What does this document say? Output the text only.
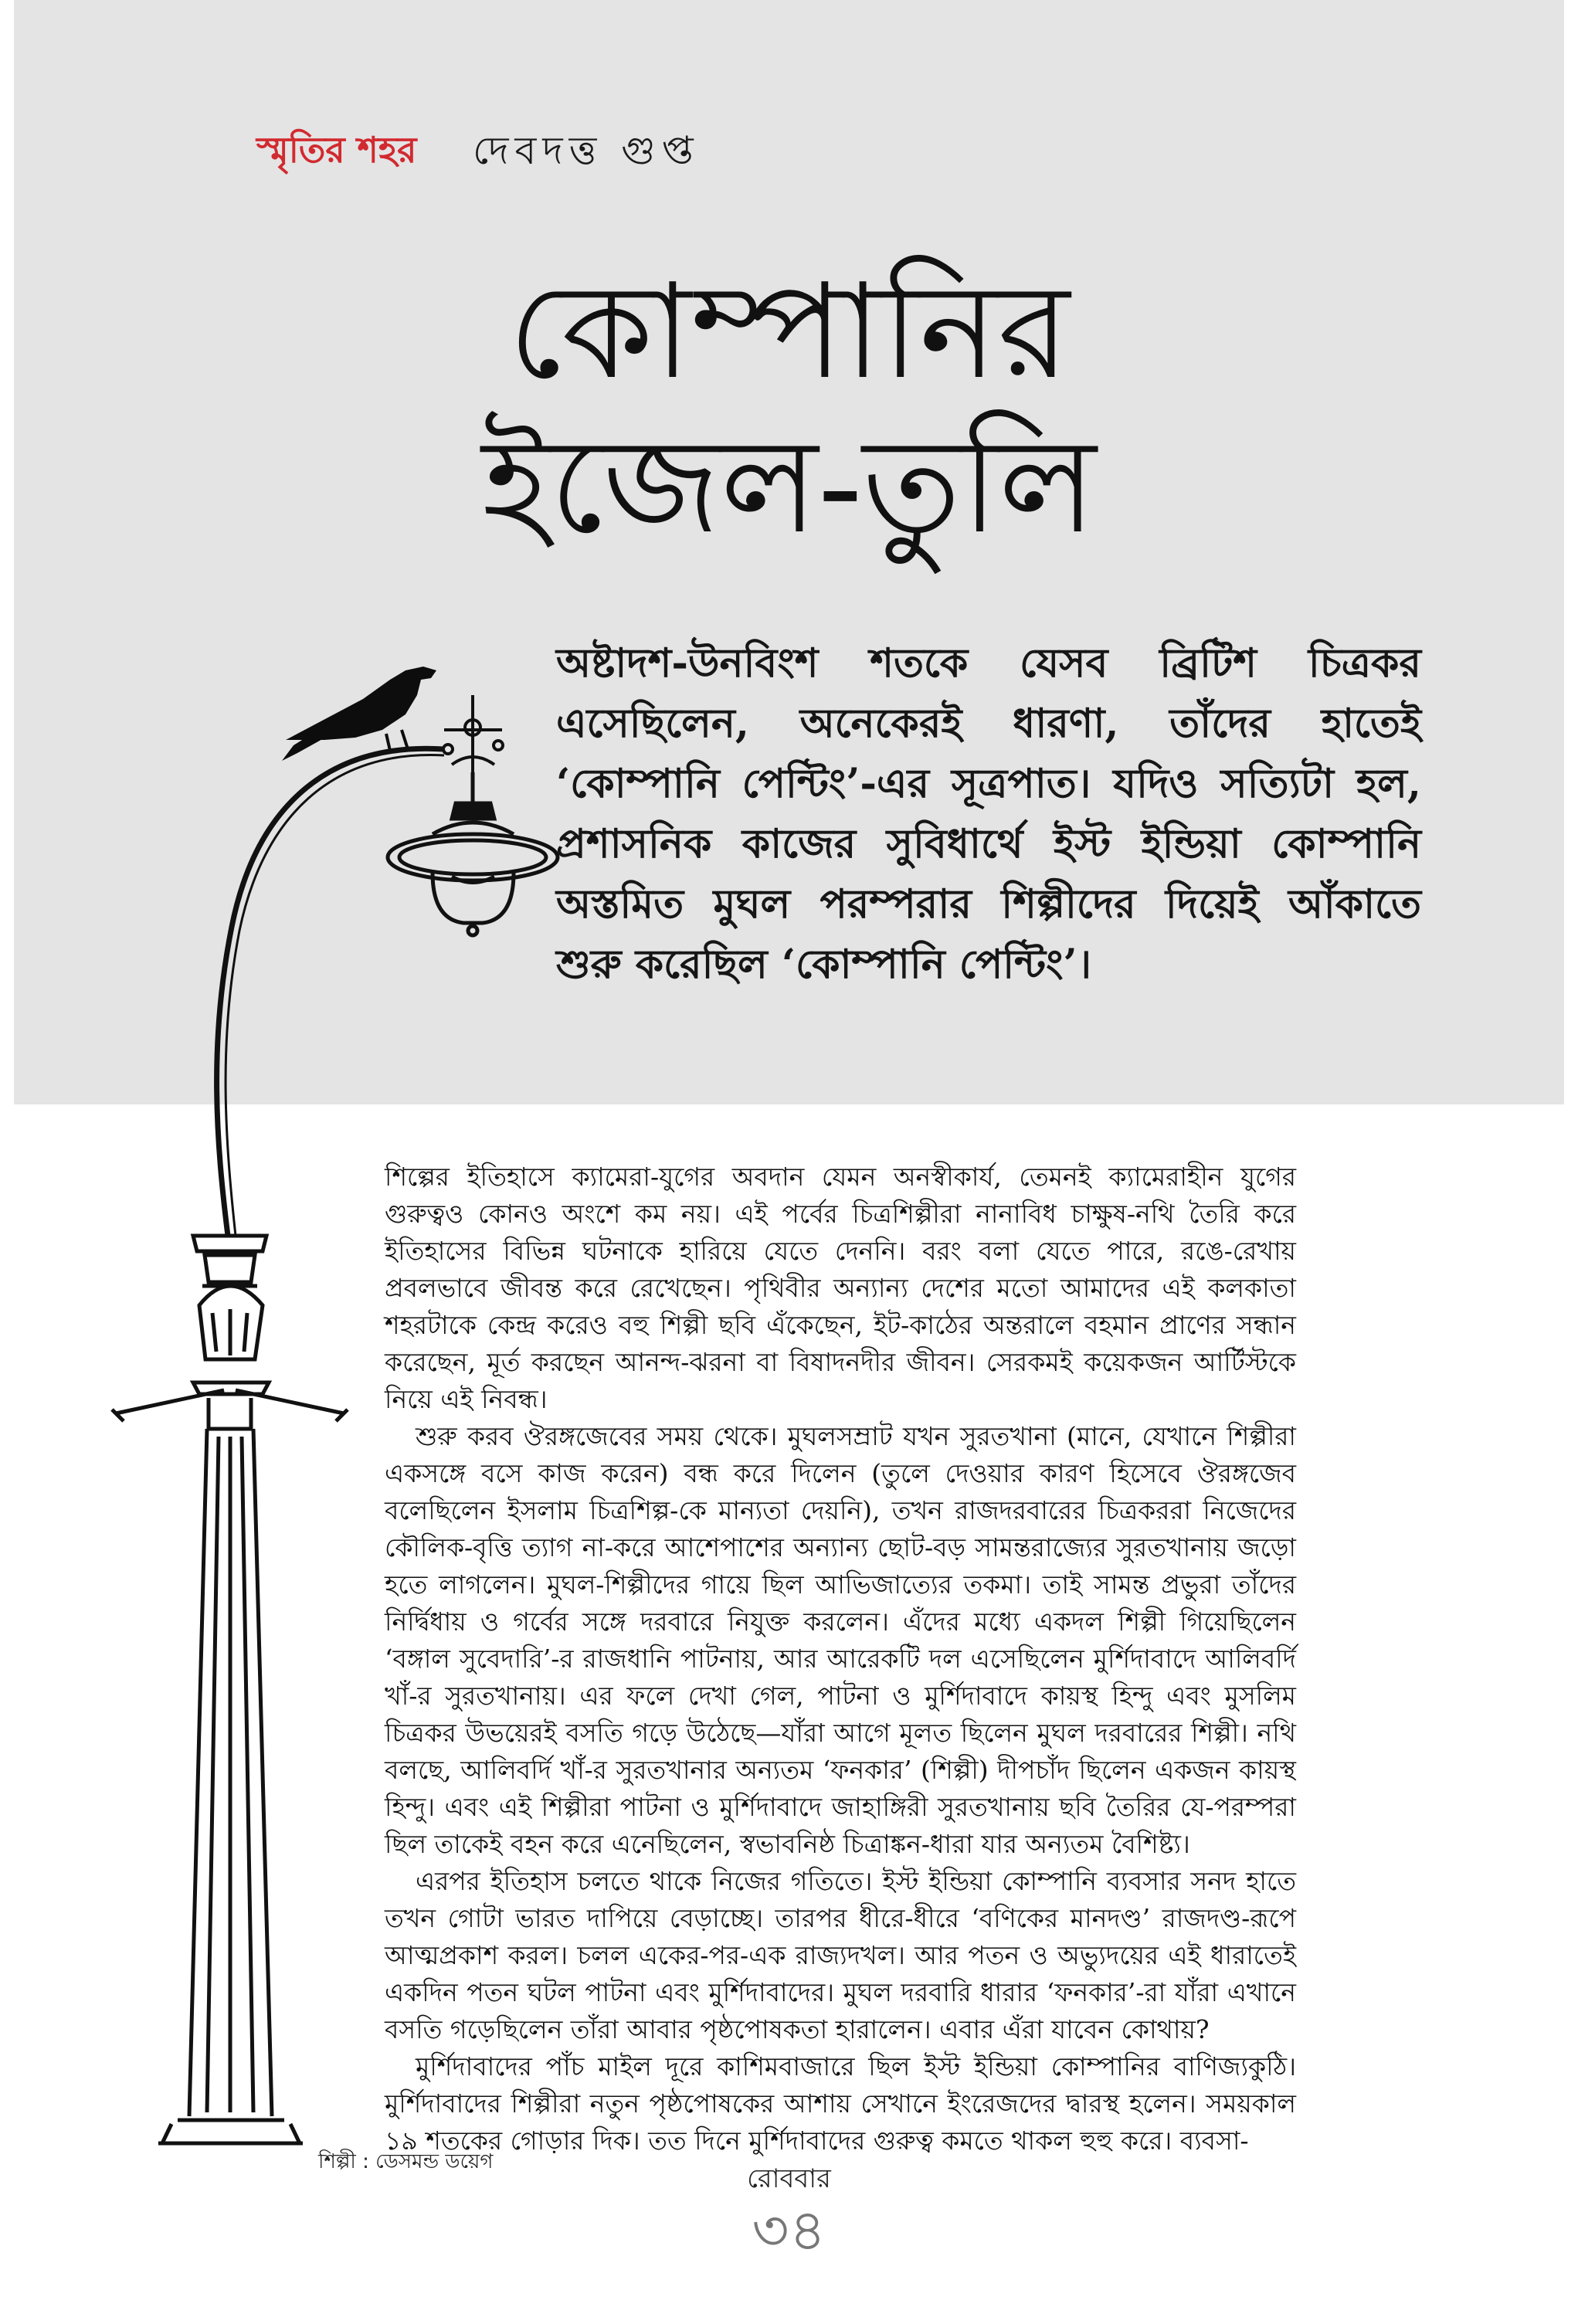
স্মৃতির শহর দেবদত্ত গুপ্ত
কোম্পানির
ইজেল-তুলি
অষ্টাদশ-উনবিংশ শতকে যেসব ব্রিটিশ চিত্রকর এসেছিলেন, অনেকেরই ধারণা, তাঁদের হাতেই ‘কোম্পানি পেন্টিং’-এর সূত্রপাত। যদিও সত্যিটা হল, প্রশাসনিক কাজের সুবিধার্থে ইস্ট ইন্ডিয়া কোম্পানি অস্তমিত মুঘল পরম্পরার শিল্পীদের দিয়েই আঁকাতে শুরু করেছিল ‘কোম্পানি পেন্টিং’।

শিল্পের ইতিহাসে ক্যামেরা-যুগের অবদান যেমন অনস্বীকার্য, তেমনই ক্যামেরাহীন যুগের গুরুত্বও কোনও অংশে কম নয়। এই পর্বের চিত্রশিল্পীরা নানাবিধ চাক্ষুষ-নথি তৈরি করে ইতিহাসের বিভিন্ন ঘটনাকে হারিয়ে যেতে দেননি। বরং বলা যেতে পারে, রঙে-রেখায় প্রবলভাবে জীবন্ত করে রেখেছেন। পৃথিবীর অন্যান্য দেশের মতো আমাদের এই কলকাতা শহরটাকে কেন্দ্র করেও বহু শিল্পী ছবি এঁকেছেন, ইট-কাঠের অন্তরালে বহমান প্রাণের সন্ধান করেছেন, মূর্ত করছেন আনন্দ-ঝরনা বা বিষাদনদীর জীবন। সেরকমই কয়েকজন আর্টিস্টকে নিয়ে এই নিবন্ধ।

শুরু করব ঔরঙ্গজেবের সময় থেকে। মুঘলসম্রাট যখন সুরতখানা (মানে, যেখানে শিল্পীরা একসঙ্গে বসে কাজ করেন) বন্ধ করে দিলেন (তুলে দেওয়ার কারণ হিসেবে ঔরঙ্গজেব বলেছিলেন ইসলাম চিত্রশিল্প-কে মান্যতা দেয়নি), তখন রাজদরবারের চিত্রকররা নিজেদের কৌলিক-বৃত্তি ত্যাগ না-করে আশেপাশের অন্যান্য ছোট-বড় সামন্তরাজ্যের সুরতখানায় জড়ো হতে লাগলেন। মুঘল-শিল্পীদের গায়ে ছিল আভিজাত্যের তকমা। তাই সামন্ত প্রভুরা তাঁদের নির্দ্বিধায় ও গর্বের সঙ্গে দরবারে নিযুক্ত করলেন। এঁদের মধ্যে একদল শিল্পী গিয়েছিলেন ‘বঙ্গাল সুবেদারি’-র রাজধানি পাটনায়, আর আরেকটি দল এসেছিলেন মুর্শিদাবাদে আলিবর্দি খাঁ-র সুরতখানায়। এর ফলে দেখা গেল, পাটনা ও মুর্শিদাবাদে কায়স্থ হিন্দু এবং মুসলিম চিত্রকর উভয়েরই বসতি গড়ে উঠেছে—যাঁরা আগে মূলত ছিলেন মুঘল দরবারের শিল্পী। নথি বলছে, আলিবর্দি খাঁ-র সুরতখানার অন্যতম ‘ফনকার’ (শিল্পী) দীপচাঁদ ছিলেন একজন কায়স্থ হিন্দু। এবং এই শিল্পীরা পাটনা ও মুর্শিদাবাদে জাহাঙ্গিরী সুরতখানায় ছবি তৈরির যে-পরম্পরা ছিল তাকেই বহন করে এনেছিলেন, স্বভাবনিষ্ঠ চিত্রাঙ্কন-ধারা যার অন্যতম বৈশিষ্ট্য।

এরপর ইতিহাস চলতে থাকে নিজের গতিতে। ইস্ট ইন্ডিয়া কোম্পানি ব্যবসার সনদ হাতে তখন গোটা ভারত দাপিয়ে বেড়াচ্ছে। তারপর ধীরে-ধীরে ‘বণিকের মানদণ্ড’ রাজদণ্ড-রূপে আত্মপ্রকাশ করল। চলল একের-পর-এক রাজ্যদখল। আর পতন ও অভ্যুদয়ের এই ধারাতেই একদিন পতন ঘটল পাটনা এবং মুর্শিদাবাদের। মুঘল দরবারি ধারার ‘ফনকার’-রা যাঁরা এখানে বসতি গড়েছিলেন তাঁরা আবার পৃষ্ঠপোষকতা হারালেন। এবার এঁরা যাবেন কোথায়?

মুর্শিদাবাদের পাঁচ মাইল দূরে কাশিমবাজারে ছিল ইস্ট ইন্ডিয়া কোম্পানির বাণিজ্যকুঠি। মুর্শিদাবাদের শিল্পীরা নতুন পৃষ্ঠপোষকের আশায় সেখানে ইংরেজদের দ্বারস্থ হলেন। সময়কাল ১৯ শতকের গোড়ার দিক। তত দিনে মুর্শিদাবাদের গুরুত্ব কমতে থাকল হুহু করে। ব্যবসা-

শিল্পী : ডেসমন্ড ডয়েগ
রোববার
৩৪
